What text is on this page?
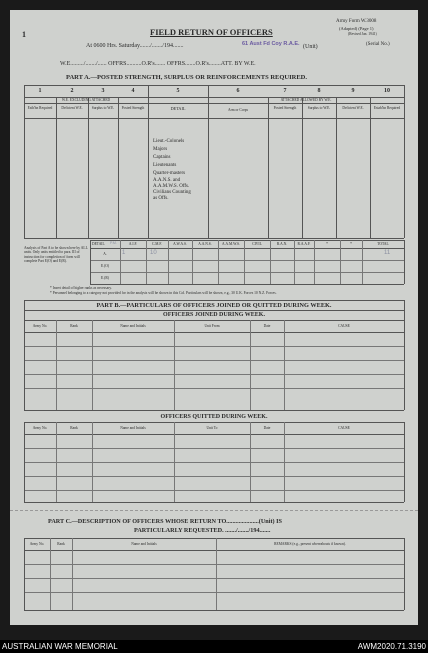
1	FIELD RETURN OF OFFICERS
Army Form W.3008
(Adapted) (Page 1)
(Revised Jan. 1941)
At 0600 Hrs. Saturday......./......./194.......	61 Aust Fd Coy R.A.E. (Unit)	(Serial No.)
W.E........./......./...... OFFRS..........O.R's....... OFFRS.......O.R's........ATT. BY W.E.
PART A.—POSTED STRENGTH, SURPLUS OR REINFORCEMENTS REQUIRED.
1	2	3	4	5	6	7	8	9	10
W.E. EXCLUDING ATTACHED	ATTACHED ALLOWED BY W.E.
Estb'hn Required	Deficient W.E.	Surplus to W.E.	Posted Strength	DETAIL	Arm or Corps	Posted Strength	Surplus to W.E.	Deficient W.E.	Estab'hn Required
Lieut.-Colonels
Majors
Captains
Lieutenants
Quarter-masters
A.A.N.S. and
A.A.M.W.S. Offs.
Civilians Counting
as Offs.
Analysis of Part A to be shown here by ALL units. Only units entitled to para. III of instruction for completion of form will complete Part E(O) and E(R).
DETAIL P.M.	A.I.F.	C.M.F.	A.W.A.S.	A.A.N.S.	A.A.M.W.S.	CIVIL	R.A.N.	R.A.A.F.	*	*	TOTAL
A.
E.(O)
E.(R)
1	10	11
* Insert detail of higher ranks as necessary.
* Personnel belonging to a category not provided for in the analysis will be shown in this Col. Particulars will be shown, e.g., 30 U.K. Forces 10 N.Z. Forces.
PART B.—PARTICULARS OF OFFICERS JOINED OR QUITTED DURING WEEK.
OFFICERS JOINED DURING WEEK.
Army No.	Rank	Name and Initials	Unit From	Date	CAUSE
OFFICERS QUITTED DURING WEEK.
Army No.	Rank	Name and Initials	Unit To	Date	CAUSE
PART C.—DESCRIPTION OF OFFICERS WHOSE RETURN TO.....................(Unit) IS
PARTICULARLY REQUESTED. ......./......./194.......
Army No.	Rank	Name and Initials	REMARKS (e.g., present whereabouts if known).
AUSTRALIAN WAR MEMORIAL	AWM2020.71.3190
